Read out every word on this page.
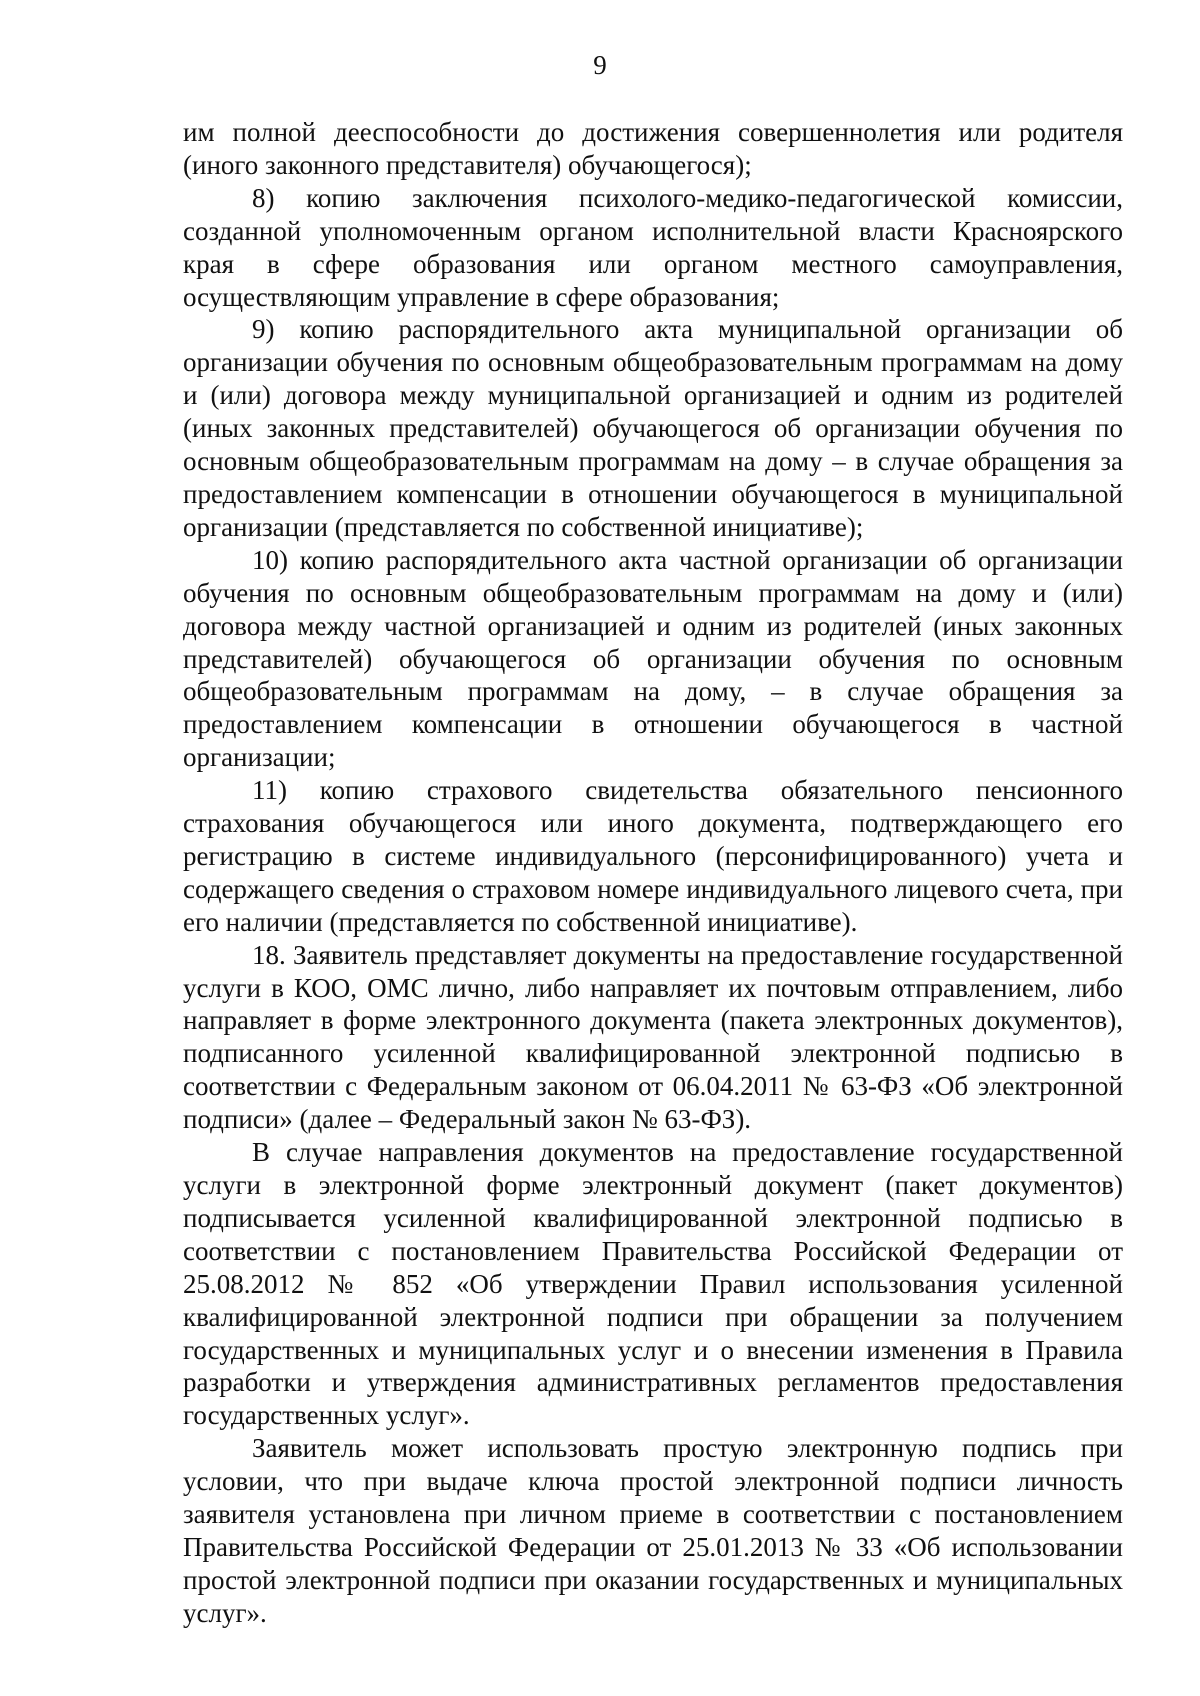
9

им полной дееспособности до достижения совершеннолетия или родителя (иного законного представителя) обучающегося);

8) копию заключения психолого-медико-педагогической комиссии, созданной уполномоченным органом исполнительной власти Красноярского края в сфере образования или органом местного самоуправления, осуществляющим управление в сфере образования;

9) копию распорядительного акта муниципальной организации об организации обучения по основным общеобразовательным программам на дому и (или) договора между муниципальной организацией и одним из родителей (иных законных представителей) обучающегося об организации обучения по основным общеобразовательным программам на дому – в случае обращения за предоставлением компенсации в отношении обучающегося в муниципальной организации (представляется по собственной инициативе);

10) копию распорядительного акта частной организации об организации обучения по основным общеобразовательным программам на дому и (или) договора между частной организацией и одним из родителей (иных законных представителей) обучающегося об организации обучения по основным общеобразовательным программам на дому, – в случае обращения за предоставлением компенсации в отношении обучающегося в частной организации;

11) копию страхового свидетельства обязательного пенсионного страхования обучающегося или иного документа, подтверждающего его регистрацию в системе индивидуального (персонифицированного) учета и содержащего сведения о страховом номере индивидуального лицевого счета, при его наличии (представляется по собственной инициативе).

18. Заявитель представляет документы на предоставление государственной услуги в КОО, ОМС лично, либо направляет их почтовым отправлением, либо направляет в форме электронного документа (пакета электронных документов), подписанного усиленной квалифицированной электронной подписью в соответствии с Федеральным законом от 06.04.2011 № 63-ФЗ «Об электронной подписи» (далее – Федеральный закон № 63-ФЗ).

В случае направления документов на предоставление государственной услуги в электронной форме электронный документ (пакет документов) подписывается усиленной квалифицированной электронной подписью в соответствии с постановлением Правительства Российской Федерации от 25.08.2012 № 852 «Об утверждении Правил использования усиленной квалифицированной электронной подписи при обращении за получением государственных и муниципальных услуг и о внесении изменения в Правила разработки и утверждения административных регламентов предоставления государственных услуг».

Заявитель может использовать простую электронную подпись при условии, что при выдаче ключа простой электронной подписи личность заявителя установлена при личном приеме в соответствии с постановлением Правительства Российской Федерации от 25.01.2013 № 33 «Об использовании простой электронной подписи при оказании государственных и муниципальных услуг».
